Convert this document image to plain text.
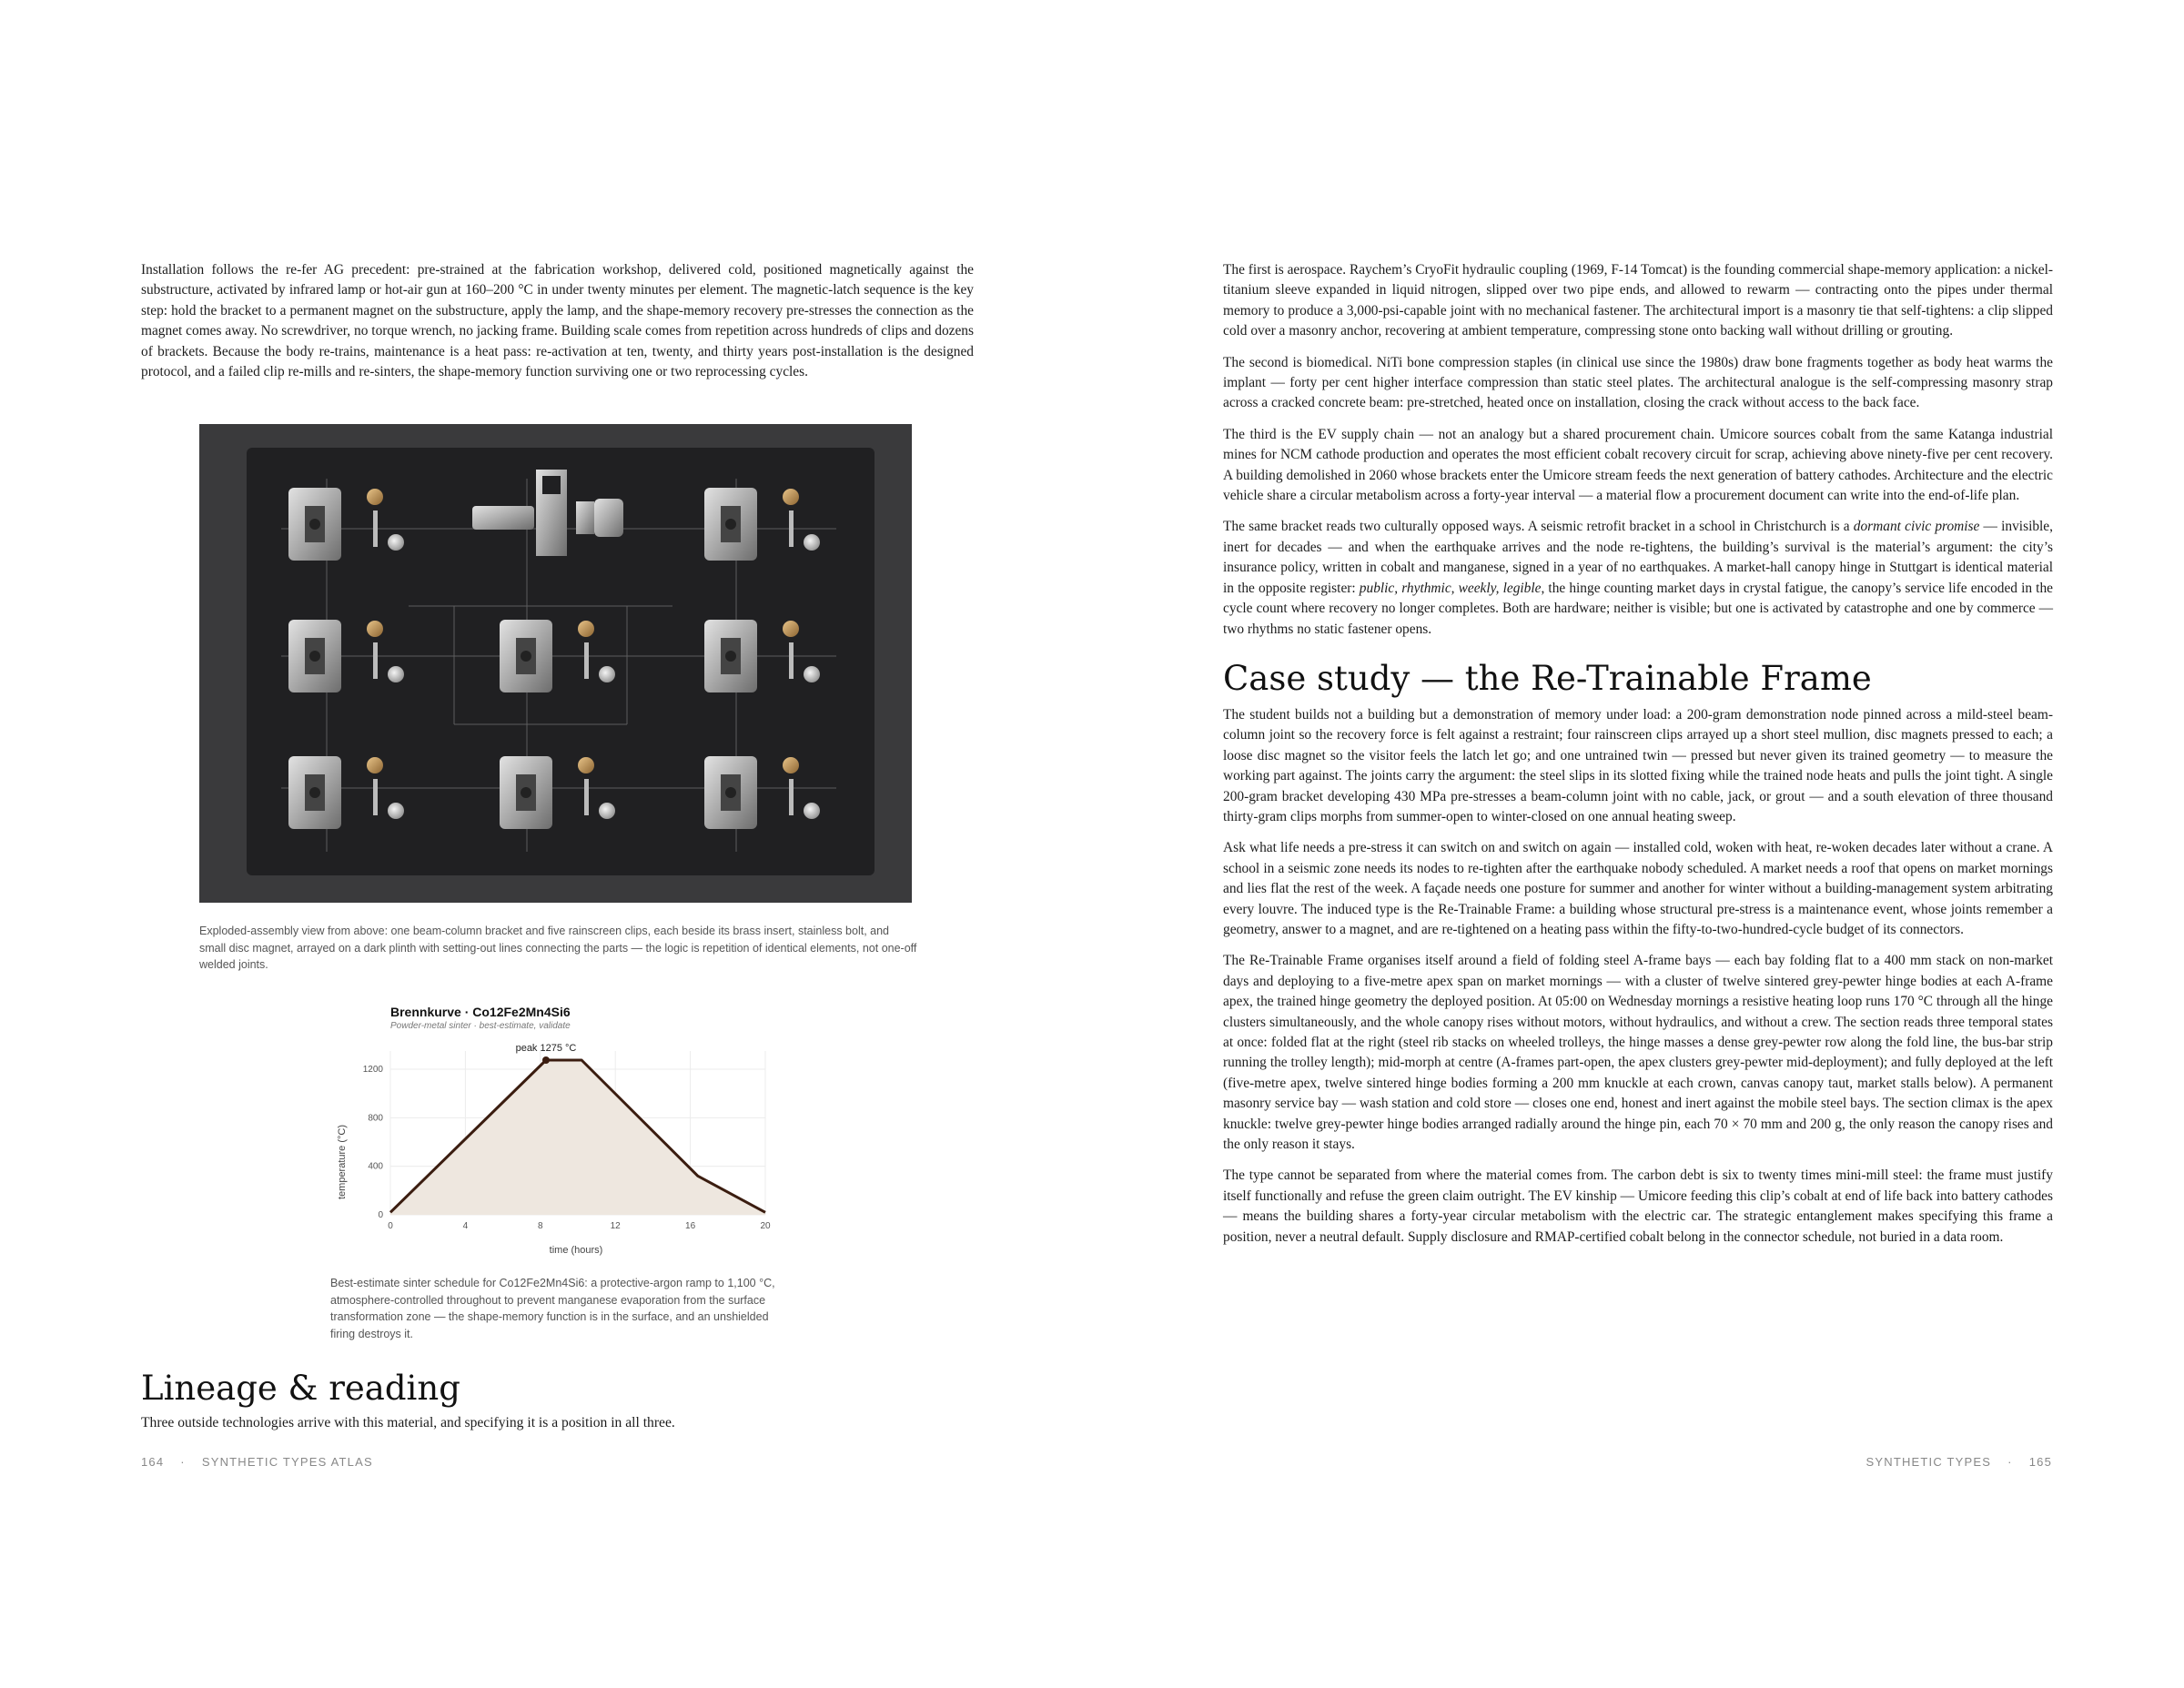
Installation follows the re-fer AG precedent: pre-strained at the fabrication workshop, delivered cold, positioned magnetically against the substructure, activated by infrared lamp or hot-air gun at 160–200 °C in under twenty minutes per element. The magnetic-latch sequence is the key step: hold the bracket to a permanent magnet on the substructure, apply the lamp, and the shape-memory recovery pre-stresses the connection as the magnet comes away. No screwdriver, no torque wrench, no jacking frame. Building scale comes from repetition across hundreds of clips and dozens of brackets. Because the body re-trains, maintenance is a heat pass: re-activation at ten, twenty, and thirty years post-installation is the designed protocol, and a failed clip re-mills and re-sinters, the shape-memory function surviving one or two reprocessing cycles.

Exploded-assembly view from above: one beam-column bracket and five rainscreen clips, each beside its brass insert, stainless bolt, and small disc magnet, arrayed on a dark plinth with setting-out lines connecting the parts — the logic is repetition of identical elements, not one-off welded joints.
Brennkurve · Co12Fe2Mn4Si6
Powder-metal sinter · best-estimate, validate
peak 1275 °C
0	4	8	12	16	20
0
400
800
1200
time (hours)
temperature (°C)
Best-estimate sinter schedule for Co12Fe2Mn4Si6: a protective-argon ramp to 1,100 °C, atmosphere-controlled throughout to prevent manganese evaporation from the surface transformation zone — the shape-memory function is in the surface, and an unshielded firing destroys it.
Lineage & reading
Three outside technologies arrive with this material, and specifying it is a position in all three.
164 · SYNTHETIC TYPES ATLAS

The first is aerospace. Raychem’s CryoFit hydraulic coupling (1969, F-14 Tomcat) is the founding commercial shape-memory application: a nickel-titanium sleeve expanded in liquid nitrogen, slipped over two pipe ends, and allowed to rewarm — contracting onto the pipes under thermal memory to produce a 3,000-psi-capable joint with no mechanical fastener. The architectural import is a masonry tie that self-tightens: a clip slipped cold over a masonry anchor, recovering at ambient temperature, compressing stone onto backing wall without drilling or grouting.

The second is biomedical. NiTi bone compression staples (in clinical use since the 1980s) draw bone fragments together as body heat warms the implant — forty per cent higher interface compression than static steel plates. The architectural analogue is the self-compressing masonry strap across a cracked concrete beam: pre-stretched, heated once on installation, closing the crack without access to the back face.

The third is the EV supply chain — not an analogy but a shared procurement chain. Umicore sources cobalt from the same Katanga industrial mines for NCM cathode production and operates the most efficient cobalt recovery circuit for scrap, achieving above ninety-five per cent recovery. A building demolished in 2060 whose brackets enter the Umicore stream feeds the next generation of battery cathodes. Architecture and the electric vehicle share a circular metabolism across a forty-year interval — a material flow a procurement document can write into the end-of-life plan.

The same bracket reads two culturally opposed ways. A seismic retrofit bracket in a school in Christchurch is a dormant civic promise — invisible, inert for decades — and when the earthquake arrives and the node re-tightens, the building’s survival is the material’s argument: the city’s insurance policy, written in cobalt and manganese, signed in a year of no earthquakes. A market-hall canopy hinge in Stuttgart is identical material in the opposite register: public, rhythmic, weekly, legible, the hinge counting market days in crystal fatigue, the canopy’s service life encoded in the cycle count where recovery no longer completes. Both are hardware; neither is visible; but one is activated by catastrophe and one by commerce — two rhythms no static fastener opens.

Case study — the Re-Trainable Frame

The student builds not a building but a demonstration of memory under load: a 200-gram demonstration node pinned across a mild-steel beam-column joint so the recovery force is felt against a restraint; four rainscreen clips arrayed up a short steel mullion, disc magnets pressed to each; a loose disc magnet so the visitor feels the latch let go; and one untrained twin — pressed but never given its trained geometry — to measure the working part against. The joints carry the argument: the steel slips in its slotted fixing while the trained node heats and pulls the joint tight. A single 200-gram bracket developing 430 MPa pre-stresses a beam-column joint with no cable, jack, or grout — and a south elevation of three thousand thirty-gram clips morphs from summer-open to winter-closed on one annual heating sweep.

Ask what life needs a pre-stress it can switch on and switch on again — installed cold, woken with heat, re-woken decades later without a crane. A school in a seismic zone needs its nodes to re-tighten after the earthquake nobody scheduled. A market needs a roof that opens on market mornings and lies flat the rest of the week. A façade needs one posture for summer and another for winter without a building-management system arbitrating every louvre. The induced type is the Re-Trainable Frame: a building whose structural pre-stress is a maintenance event, whose joints remember a geometry, answer to a magnet, and are re-tightened on a heating pass within the fifty-to-two-hundred-cycle budget of its connectors.

The Re-Trainable Frame organises itself around a field of folding steel A-frame bays — each bay folding flat to a 400 mm stack on non-market days and deploying to a five-metre apex span on market mornings — with a cluster of twelve sintered grey-pewter hinge bodies at each A-frame apex, the trained hinge geometry the deployed position. At 05:00 on Wednesday mornings a resistive heating loop runs 170 °C through all the hinge clusters simultaneously, and the whole canopy rises without motors, without hydraulics, and without a crew. The section reads three temporal states at once: folded flat at the right (steel rib stacks on wheeled trolleys, the hinge masses a dense grey-pewter row along the fold line, the bus-bar strip running the trolley length); mid-morph at centre (A-frames part-open, the apex clusters grey-pewter mid-deployment); and fully deployed at the left (five-metre apex, twelve sintered hinge bodies forming a 200 mm knuckle at each crown, canvas canopy taut, market stalls below). A permanent masonry service bay — wash station and cold store — closes one end, honest and inert against the mobile steel bays. The section climax is the apex knuckle: twelve grey-pewter hinge bodies arranged radially around the hinge pin, each 70 × 70 mm and 200 g, the only reason the canopy rises and the only reason it stays.

The type cannot be separated from where the material comes from. The carbon debt is six to twenty times mini-mill steel: the frame must justify itself functionally and refuse the green claim outright. The EV kinship — Umicore feeding this clip’s cobalt at end of life back into battery cathodes — means the building shares a forty-year circular metabolism with the electric car. The strategic entanglement makes specifying this frame a position, never a neutral default. Supply disclosure and RMAP-certified cobalt belong in the connector schedule, not buried in a data room.

SYNTHETIC TYPES · 165
